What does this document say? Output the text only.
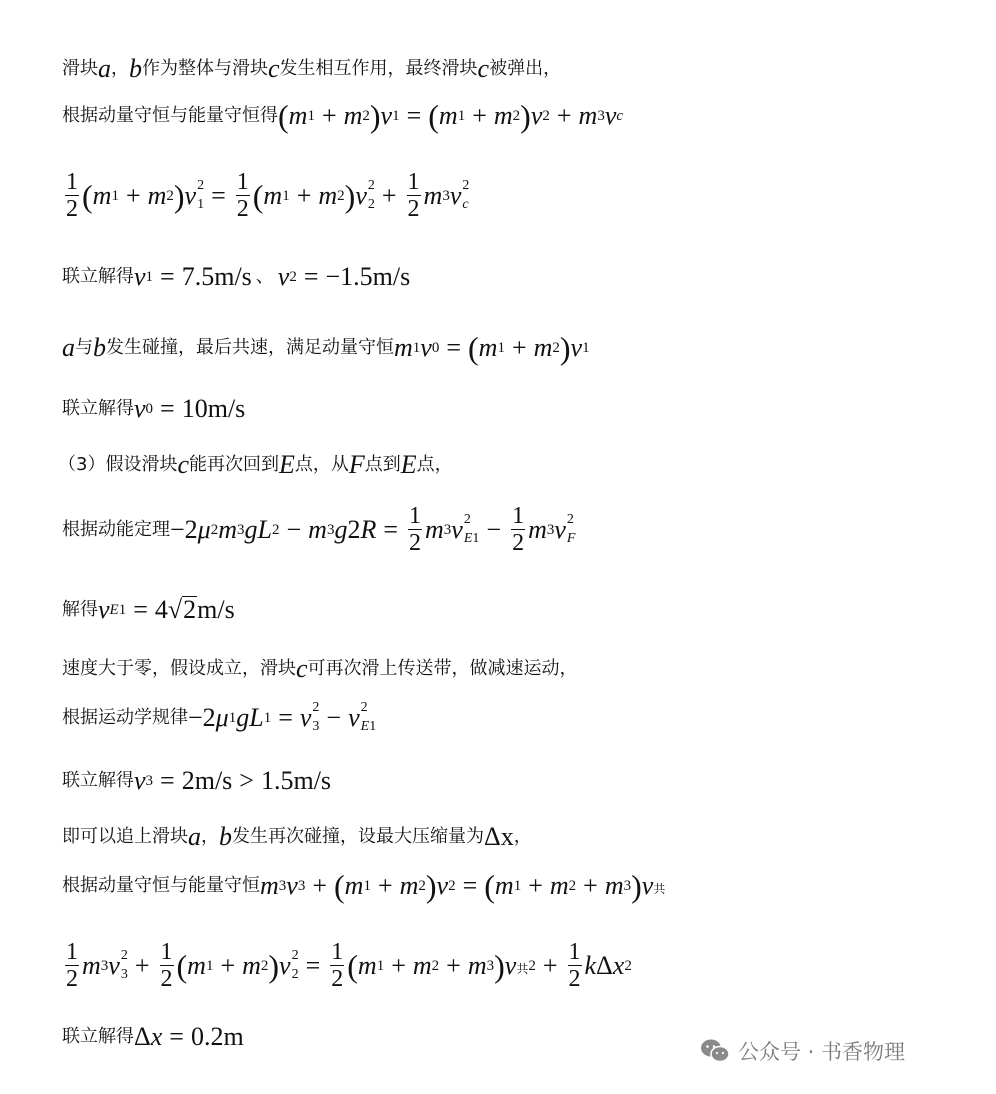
滑块 a ， b 作为整体与滑块 c 发生相互作用，最终滑块 c 被弹出，
根据动量守恒与能量守恒得 ( m 1 + m 2 ) v 1 = ( m 1 + m 2 ) v 2 + m 3 v c
$\frac{1}{2}$ ( m 1 + m 2 ) v 2
$1 = \frac{1}{2}$ ( m 1 + m 2 ) v 2
$2 + \frac{1}{2}$ m 3 v 2
c
联立解得 v 1 = 7.5m/s 、 v 2 = −1.5m/s
a 与 b 发生碰撞，最后共速，满足动量守恒 m 1 v 0 = ( m 1 + m 2 ) v 1
联立解得 v 0 = 10m/s
（3）假设滑块 c 能再次回到 E 点，从 F 点到 E 点，
根据动能定理 −2 μ 2 m 3 g L 2 − m 3 g 2 $R = \frac{1}{2}$ m 3 v 2
$E1 - \frac{1}{2}$ m 3 v 2
F
解得 v E1 = 4 √ 2 m/s
速度大于零，假设成立，滑块 c 可再次滑上传送带，做减速运动，
根据运动学规律 −2 μ 1 g L 1 = v 2
3 − v 2
E1
联立解得 v 3 = 2m/s > 1.5m/s
即可以追上滑块 a ， b 发生再次碰撞，设最大压缩量为 Δx ，
根据动量守恒与能量守恒 m 3 v 3 + ( m 1 + m 2 ) v 2 = ( m 1 + m 2 + m 3 ) v $_共$
$\frac{1}{2}$ m 3 v 2
$3 + \frac{1}{2}$ ( m 1 + m 2 ) v 2
$2 = \frac{1}{2}$ ( m 1 + m 2 + m 3 ) v $_共$ $2 + \frac{1}{2}$ k Δ x 2
联立解得 Δ x = 0.2m
公众号 · 书香物理
